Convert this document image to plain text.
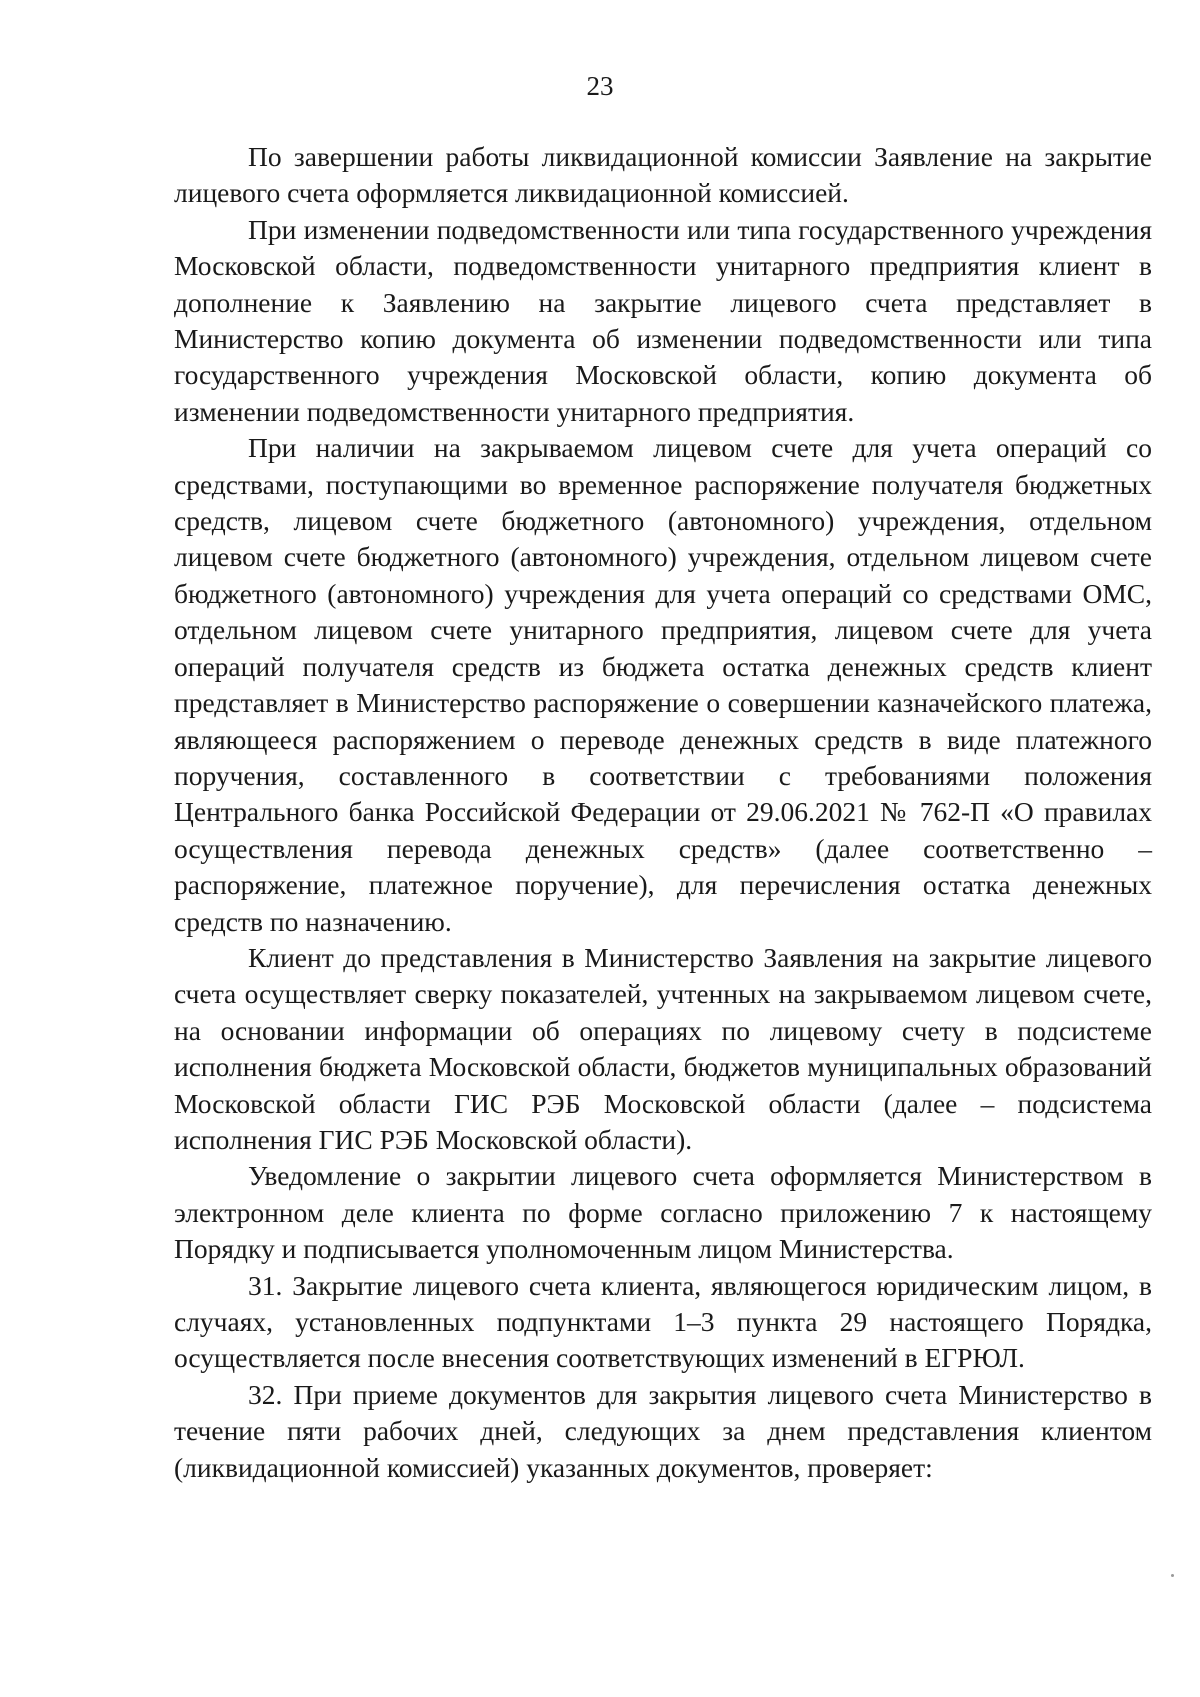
23

По завершении работы ликвидационной комиссии Заявление на закрытие лицевого счета оформляется ликвидационной комиссией.

При изменении подведомственности или типа государственного учреждения Московской области, подведомственности унитарного предприятия клиент в дополнение к Заявлению на закрытие лицевого счета представляет в Министерство копию документа об изменении подведомственности или типа государственного учреждения Московской области, копию документа об изменении подведомственности унитарного предприятия.

При наличии на закрываемом лицевом счете для учета операций со средствами, поступающими во временное распоряжение получателя бюджетных средств, лицевом счете бюджетного (автономного) учреждения, отдельном лицевом счете бюджетного (автономного) учреждения, отдельном лицевом счете бюджетного (автономного) учреждения для учета операций со средствами ОМС, отдельном лицевом счете унитарного предприятия, лицевом счете для учета операций получателя средств из бюджета остатка денежных средств клиент представляет в Министерство распоряжение о совершении казначейского платежа, являющееся распоряжением о переводе денежных средств в виде платежного поручения, составленного в соответствии с требованиями положения Центрального банка Российской Федерации от 29.06.2021 № 762-П «О правилах осуществления перевода денежных средств» (далее соответственно – распоряжение, платежное поручение), для перечисления остатка денежных средств по назначению.

Клиент до представления в Министерство Заявления на закрытие лицевого счета осуществляет сверку показателей, учтенных на закрываемом лицевом счете, на основании информации об операциях по лицевому счету в подсистеме исполнения бюджета Московской области, бюджетов муниципальных образований Московской области ГИС РЭБ Московской области (далее – подсистема исполнения ГИС РЭБ Московской области).

Уведомление о закрытии лицевого счета оформляется Министерством в электронном деле клиента по форме согласно приложению 7 к настоящему Порядку и подписывается уполномоченным лицом Министерства.

31. Закрытие лицевого счета клиента, являющегося юридическим лицом, в случаях, установленных подпунктами 1–3 пункта 29 настоящего Порядка, осуществляется после внесения соответствующих изменений в ЕГРЮЛ.

32. При приеме документов для закрытия лицевого счета Министерство в течение пяти рабочих дней, следующих за днем представления клиентом (ликвидационной комиссией) указанных документов, проверяет:
